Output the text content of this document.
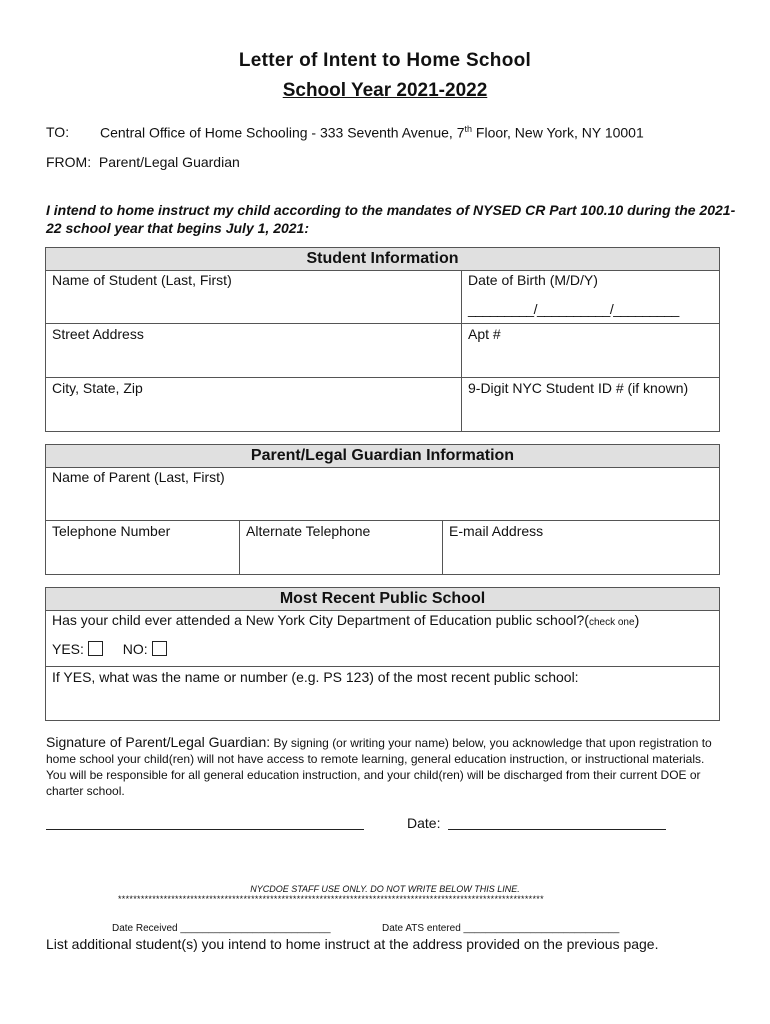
Letter of Intent to Home School
School Year 2021-2022
TO: Central Office of Home Schooling - 333 Seventh Avenue, 7th Floor, New York, NY 10001
FROM: Parent/Legal Guardian
I intend to home instruct my child according to the mandates of NYSED CR Part 100.10 during the 2021-22 school year that begins July 1, 2021:
Student Information
Name of Student (Last, First)	Date of Birth (M/D/Y)
_________/__________/_________
Street Address	Apt #
City, State, Zip	9-Digit NYC Student ID # (if known)
Parent/Legal Guardian Information
Name of Parent (Last, First)
Telephone Number	Alternate Telephone	E-mail Address
Most Recent Public School
Has your child ever attended a New York City Department of Education public school?(check one)
YES:	NO:
If YES, what was the name or number (e.g. PS 123) of the most recent public school:
Signature of Parent/Legal Guardian: By signing (or writing your name) below, you acknowledge that upon registration to home school your child(ren) will not have access to remote learning, general education instruction, or instructional materials. You will be responsible for all general education instruction, and your child(ren) will be discharged from their current DOE or charter school.
Date:
NYCDOE STAFF USE ONLY. DO NOT WRITE BELOW THIS LINE.
****************************************************************************************************************
Date Received ___________________________	Date ATS entered ____________________________
List additional student(s) you intend to home instruct at the address provided on the previous page.
